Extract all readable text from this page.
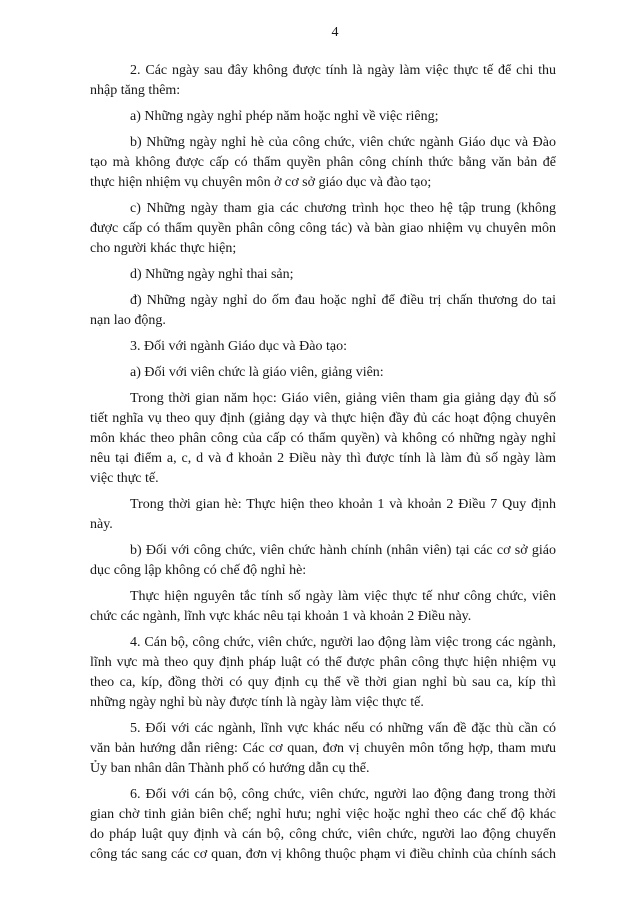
4
2. Các ngày sau đây không được tính là ngày làm việc thực tế để chi thu
nhập tăng thêm:
a) Những ngày nghỉ phép năm hoặc nghỉ về việc riêng;
b) Những ngày nghỉ hè của công chức, viên chức ngành Giáo dục và Đào
tạo mà không được cấp có thẩm quyền phân công chính thức bằng văn bản để
thực hiện nhiệm vụ chuyên môn ở cơ sở giáo dục và đào tạo;
c) Những ngày tham gia các chương trình học theo hệ tập trung (không
được cấp có thẩm quyền phân công công tác) và bàn giao nhiệm vụ chuyên môn
cho người khác thực hiện;
d) Những ngày nghỉ thai sản;
đ) Những ngày nghỉ do ốm đau hoặc nghỉ để điều trị chấn thương do tai
nạn lao động.
3. Đối với ngành Giáo dục và Đào tạo:
a) Đối với viên chức là giáo viên, giảng viên:
Trong thời gian năm học: Giáo viên, giảng viên tham gia giảng dạy đủ số
tiết nghĩa vụ theo quy định (giảng dạy và thực hiện đầy đủ các hoạt động chuyên
môn khác theo phân công của cấp có thẩm quyền) và không có những ngày nghỉ
nêu tại điểm a, c, d và đ khoản 2 Điều này thì được tính là làm đủ số ngày làm
việc thực tế.
Trong thời gian hè: Thực hiện theo khoản 1 và khoản 2 Điều 7 Quy định
này.
b) Đối với công chức, viên chức hành chính (nhân viên) tại các cơ sở giáo
dục công lập không có chế độ nghỉ hè:
Thực hiện nguyên tắc tính số ngày làm việc thực tế như công chức, viên
chức các ngành, lĩnh vực khác nêu tại khoản 1 và khoản 2 Điều này.
4. Cán bộ, công chức, viên chức, người lao động làm việc trong các ngành,
lĩnh vực mà theo quy định pháp luật có thể được phân công thực hiện nhiệm vụ
theo ca, kíp, đồng thời có quy định cụ thể về thời gian nghỉ bù sau ca, kíp thì
những ngày nghỉ bù này được tính là ngày làm việc thực tế.
5. Đối với các ngành, lĩnh vực khác nếu có những vấn đề đặc thù cần có
văn bản hướng dẫn riêng: Các cơ quan, đơn vị chuyên môn tổng hợp, tham mưu
Ủy ban nhân dân Thành phố có hướng dẫn cụ thể.
6. Đối với cán bộ, công chức, viên chức, người lao động đang trong thời
gian chờ tinh giản biên chế; nghỉ hưu; nghỉ việc hoặc nghỉ theo các chế độ khác
do pháp luật quy định và cán bộ, công chức, viên chức, người lao động chuyển
công tác sang các cơ quan, đơn vị không thuộc phạm vi điều chỉnh của chính sách
